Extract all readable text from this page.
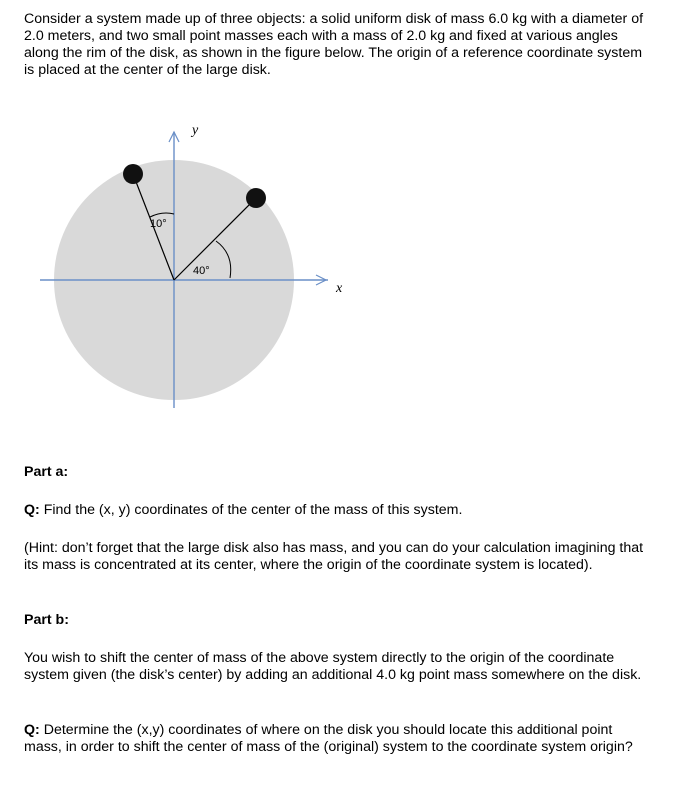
Consider a system made up of three objects: a solid uniform disk of mass 6.0 kg with a diameter of 2.0 meters, and two small point masses each with a mass of 2.0 kg and fixed at various angles along the rim of the disk, as shown in the figure below. The origin of a reference coordinate system is placed at the center of the large disk.

y
x
10°
40°

Part a:

Q: Find the (x, y) coordinates of the center of the mass of this system.

(Hint: don’t forget that the large disk also has mass, and you can do your calculation imagining that its mass is concentrated at its center, where the origin of the coordinate system is located).

Part b:

You wish to shift the center of mass of the above system directly to the origin of the coordinate system given (the disk’s center) by adding an additional 4.0 kg point mass somewhere on the disk.

Q: Determine the (x,y) coordinates of where on the disk you should locate this additional point mass, in order to shift the center of mass of the (original) system to the coordinate system origin?
